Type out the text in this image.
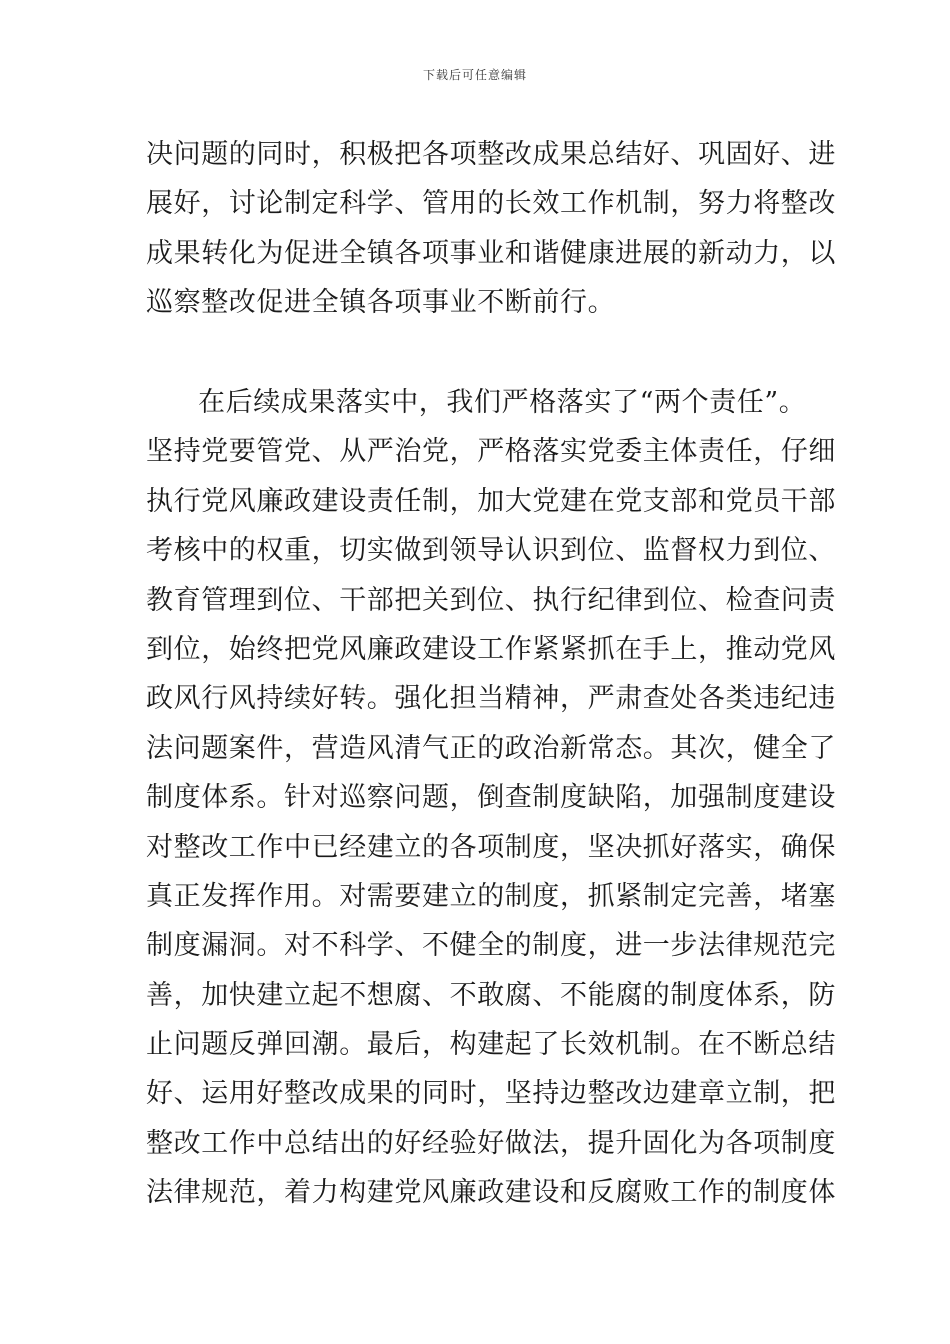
下载后可任意编辑
决问题的同时，积极把各项整改成果总结好、巩固好、进
展好，讨论制定科学、管用的长效工作机制，努力将整改
成果转化为促进全镇各项事业和谐健康进展的新动力，以
巡察整改促进全镇各项事业不断前行。
在后续成果落实中，我们严格落实了“两个责任”。
坚持党要管党、从严治党，严格落实党委主体责任，仔细
执行党风廉政建设责任制，加大党建在党支部和党员干部
考核中的权重，切实做到领导认识到位、监督权力到位、
教育管理到位、干部把关到位、执行纪律到位、检查问责
到位，始终把党风廉政建设工作紧紧抓在手上，推动党风
政风行风持续好转。强化担当精神，严肃查处各类违纪违
法问题案件，营造风清气正的政治新常态。其次，健全了
制度体系。针对巡察问题，倒查制度缺陷，加强制度建设
对整改工作中已经建立的各项制度，坚决抓好落实，确保
真正发挥作用。对需要建立的制度，抓紧制定完善，堵塞
制度漏洞。对不科学、不健全的制度，进一步法律规范完
善，加快建立起不想腐、不敢腐、不能腐的制度体系，防
止问题反弹回潮。最后，构建起了长效机制。在不断总结
好、运用好整改成果的同时，坚持边整改边建章立制，把
整改工作中总结出的好经验好做法，提升固化为各项制度
法律规范，着力构建党风廉政建设和反腐败工作的制度体
